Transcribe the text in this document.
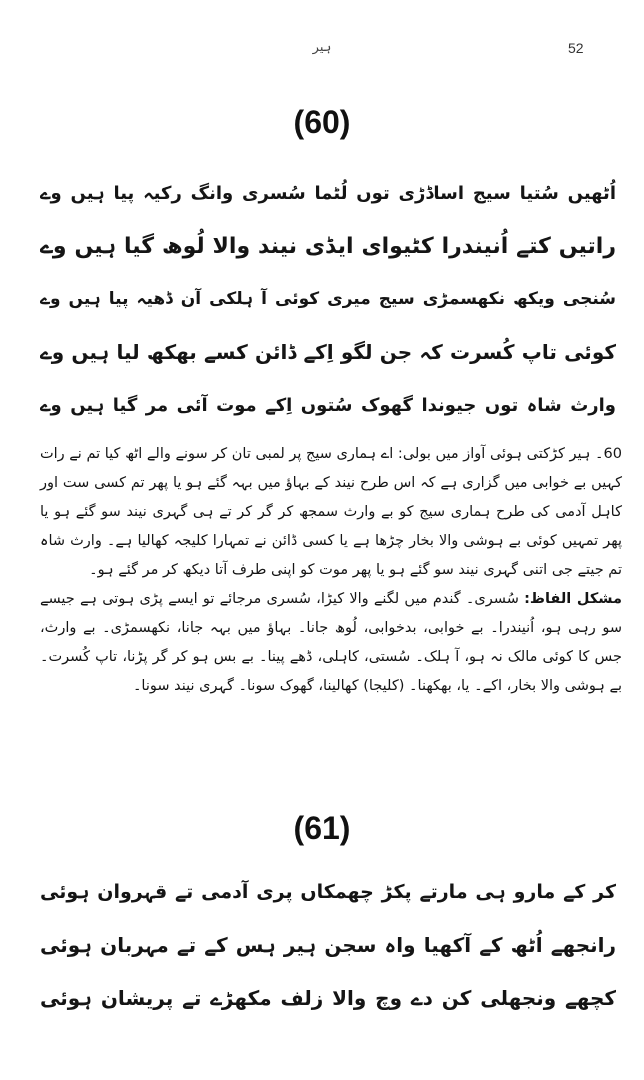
ہیر	52
(60)
اُٹھیں سُتیا سیج اساڈڑی توں لُٹما سُسری وانگ رکیہ پیا ہیں وے
راتیں کتے اُنیندرا کٹیوای ایڈی نیند والا لُوھ گیا ہیں وے
سُنجی ویکھ نکھسمڑی سیج میری کوئی آ ہلکی آن ڈھیہ پیا ہیں وے
کوئی تاپ کُسرت کہ جن لگو اِکے ڈائن کسے بھکھ لیا ہیں وے
وارث شاہ توں جیوندا گھوک سُتوں اِکے موت آئی مر گیا ہیں وے

60۔ ہیر کڑکتی ہوئی آواز میں بولی: اے ہماری سیج پر لمبی تان کر سونے والے اٹھ کیا تم نے رات کہیں بے خوابی میں گزاری ہے کہ اس طرح نیند کے بہاؤ میں بہہ گئے ہو یا پھر تم کسی ست اور کاہل آدمی کی طرح ہماری سیج کو بے وارث سمجھ کر گر کر تے ہی گہری نیند سو گئے ہو یا پھر تمہیں کوئی بے ہوشی والا بخار چڑھا ہے یا کسی ڈائن نے تمہارا کلیجہ کھالیا ہے۔ وارث شاہ تم جیتے جی اتنی گہری نیند سو گئے ہو یا پھر موت کو اپنی طرف آتا دیکھ کر مر گئے ہو۔

مشکل الفاظ: سُسری۔ گندم میں لگنے والا کیڑا، سُسری مرجائے تو ایسے پڑی ہوتی ہے جیسے سو رہی ہو، اُنیندرا۔ بے خوابی، بدخوابی، لُوھ جانا۔ بہاؤ میں بہہ جانا، نکھسمڑی۔ بے وارث، جس کا کوئی مالک نہ ہو، آ ہلک۔ سُستی، کاہلی، ڈھے پینا۔ بے بس ہو کر گر پڑنا، تاپ کُسرت۔ بے ہوشی والا بخار، اکے۔ یا، بھکھنا۔ (کلیجا) کھالینا، گھوک سونا۔ گہری نیند سونا۔

(61)
کر کے مارو ہی مارتے پکڑ چھمکاں پری آدمی تے قہروان ہوئی
رانجھے اُٹھ کے آکھیا واہ سجن ہیر ہس کے تے مہربان ہوئی
کچھے ونجھلی کن دے وچ والا زلف مکھڑے تے پریشان ہوئی
